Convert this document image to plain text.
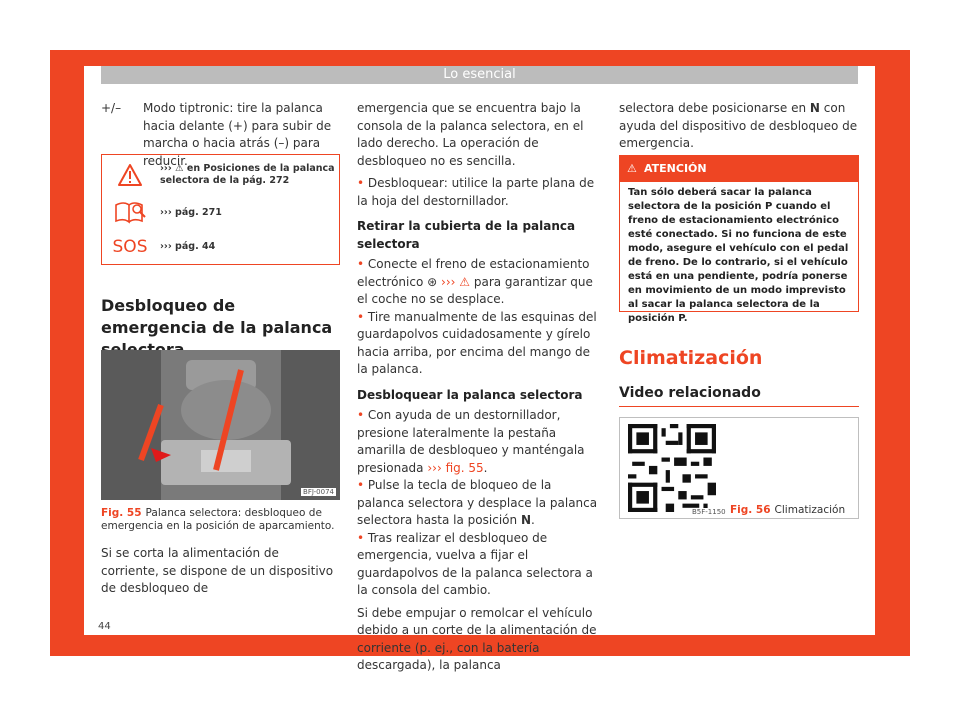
Lo esencial
+/–	Modo tiptronic: tire la palanca hacia delante (+) para subir de marcha o hacia atrás (–) para reducir.
››› ⚠ en Posiciones de la palanca selectora de la pág. 272
››› pág. 271
SOS ››› pág. 44
Desbloqueo de emergencia de la palanca
BFJ-0074
Fig. 55 Palanca selectora: desbloqueo de emergencia en la posición de aparcamiento.

Si se corta la alimentación de corriente, se dispone de un dispositivo de desbloqueo de

emergencia que se encuentra bajo la consola de la palanca selectora, en el lado derecho. La operación de desbloqueo no es sencilla.

• Desbloquear: utilice la parte plana de la hoja del destornillador.

Retirar la cubierta de la palanca selectora

• Conecte el freno de estacionamiento electrónico ⊛ ››› ⚠ para garantizar que el coche no se desplace.

• Tire manualmente de las esquinas del guardapolvos cuidadosamente y gírelo hacia arriba, por encima del mango de la palanca.

Desbloquear la palanca selectora

• Con ayuda de un destornillador, presione lateralmente la pestaña amarilla de desbloqueo y manténgala presionada ››› fig. 55.

• Pulse la tecla de bloqueo de la palanca selectora y desplace la palanca selectora hasta la posición N.

• Tras realizar el desbloqueo de emergencia, vuelva a fijar el guardapolvos de la palanca selectora a la consola del cambio.

Si debe empujar o remolcar el vehículo debido a un corte de la alimentación de corriente (p. ej., con la batería descargada), la palanca

selectora debe posicionarse en N con ayuda del dispositivo de desbloqueo de emergencia.

⚠ ATENCIÓN
Tan sólo deberá sacar la palanca selectora de la posición P cuando el freno de estacionamiento electrónico esté conectado. Si no funciona de este modo, asegure el vehículo con el pedal de freno. De lo contrario, si el vehículo está en una pendiente, podría ponerse en movimiento de un modo imprevisto al sacar la palanca selectora de la posición P.
Climatización
Video relacionado
B5F-1150 Fig. 56 Climatización
44
